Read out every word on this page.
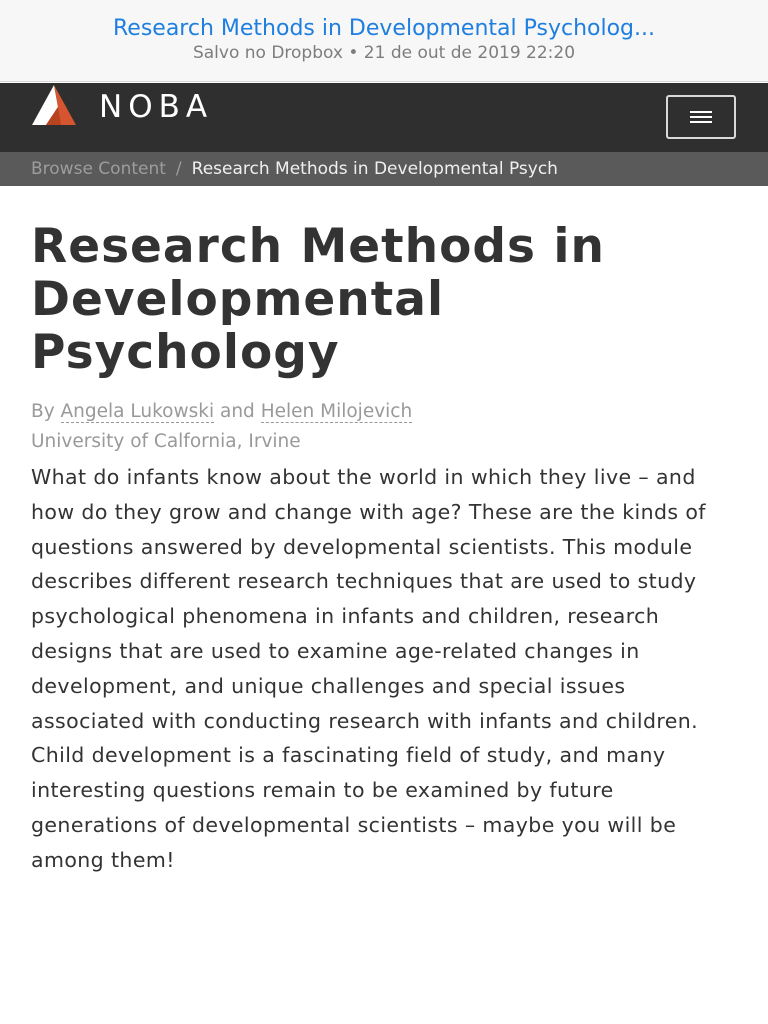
Research Methods in Developmental Psycholog...
Salvo no Dropbox • 21 de out de 2019 22:20
NOBA
Browse Content / Research Methods in Developmental Psych
Research Methods in Developmental Psychology
By Angela Lukowski and Helen Milojevich
University of Calfornia, Irvine

What do infants know about the world in which they live – and how do they grow and change with age? These are the kinds of questions answered by developmental scientists. This module describes different research techniques that are used to study psychological phenomena in infants and children, research designs that are used to examine age-related changes in development, and unique challenges and special issues associated with conducting research with infants and children. Child development is a fascinating field of study, and many interesting questions remain to be examined by future generations of developmental scientists – maybe you will be among them!
